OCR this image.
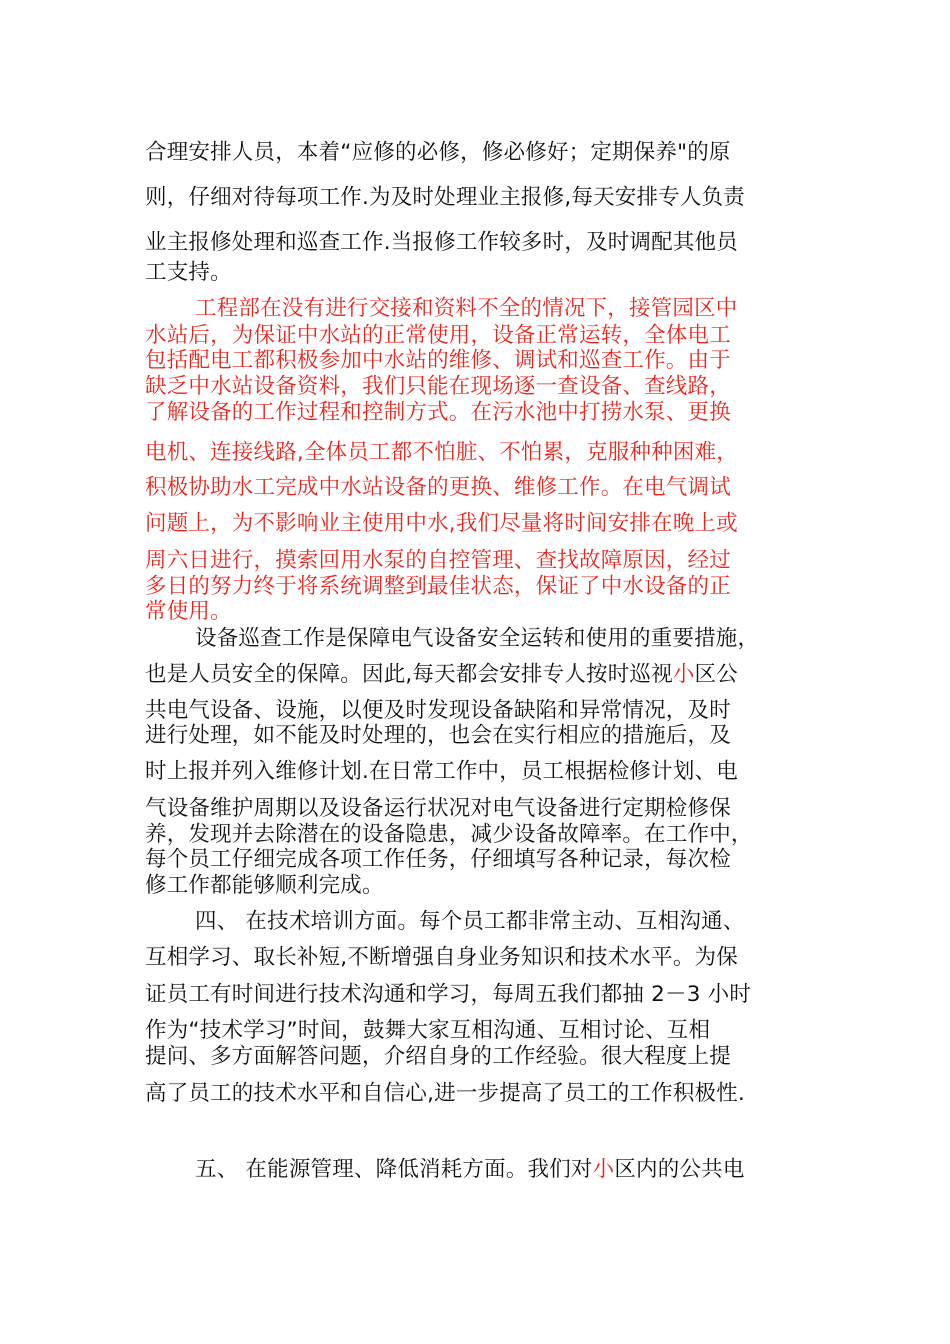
合理安排人员，本着“应修的必修，修必修好；定期保养"的原
则，仔细对待每项工作.为及时处理业主报修,每天安排专人负责
业主报修处理和巡查工作.当报修工作较多时，及时调配其他员
工支持。
工程部在没有进行交接和资料不全的情况下，接管园区中
水站后，为保证中水站的正常使用，设备正常运转，全体电工
包括配电工都积极参加中水站的维修、调试和巡查工作。由于
缺乏中水站设备资料，我们只能在现场逐一查设备、查线路，
了解设备的工作过程和控制方式。在污水池中打捞水泵、更换
电机、连接线路,全体员工都不怕脏、不怕累，克服种种困难，
积极协助水工完成中水站设备的更换、维修工作。在电气调试
问题上，为不影响业主使用中水,我们尽量将时间安排在晚上或
周六日进行，摸索回用水泵的自控管理、查找故障原因，经过
多日的努力终于将系统调整到最佳状态，保证了中水设备的正
常使用。
设备巡查工作是保障电气设备安全运转和使用的重要措施，
也是人员安全的保障。因此,每天都会安排专人按时巡视小区公
共电气设备、设施，以便及时发现设备缺陷和异常情况，及时
进行处理，如不能及时处理的，也会在实行相应的措施后，及
时上报并列入维修计划.在日常工作中，员工根据检修计划、电
气设备维护周期以及设备运行状况对电气设备进行定期检修保
养，发现并去除潜在的设备隐患，减少设备故障率。在工作中，
每个员工仔细完成各项工作任务，仔细填写各种记录，每次检
修工作都能够顺利完成。
四、 在技术培训方面。每个员工都非常主动、互相沟通、
互相学习、取长补短,不断增强自身业务知识和技术水平。为保
证员工有时间进行技术沟通和学习，每周五我们都抽 2－3 小时
作为“技术学习”时间，鼓舞大家互相沟通、互相讨论、互相
提问、多方面解答问题，介绍自身的工作经验。很大程度上提
高了员工的技术水平和自信心,进一步提高了员工的工作积极性.
五、 在能源管理、降低消耗方面。我们对小区内的公共电
